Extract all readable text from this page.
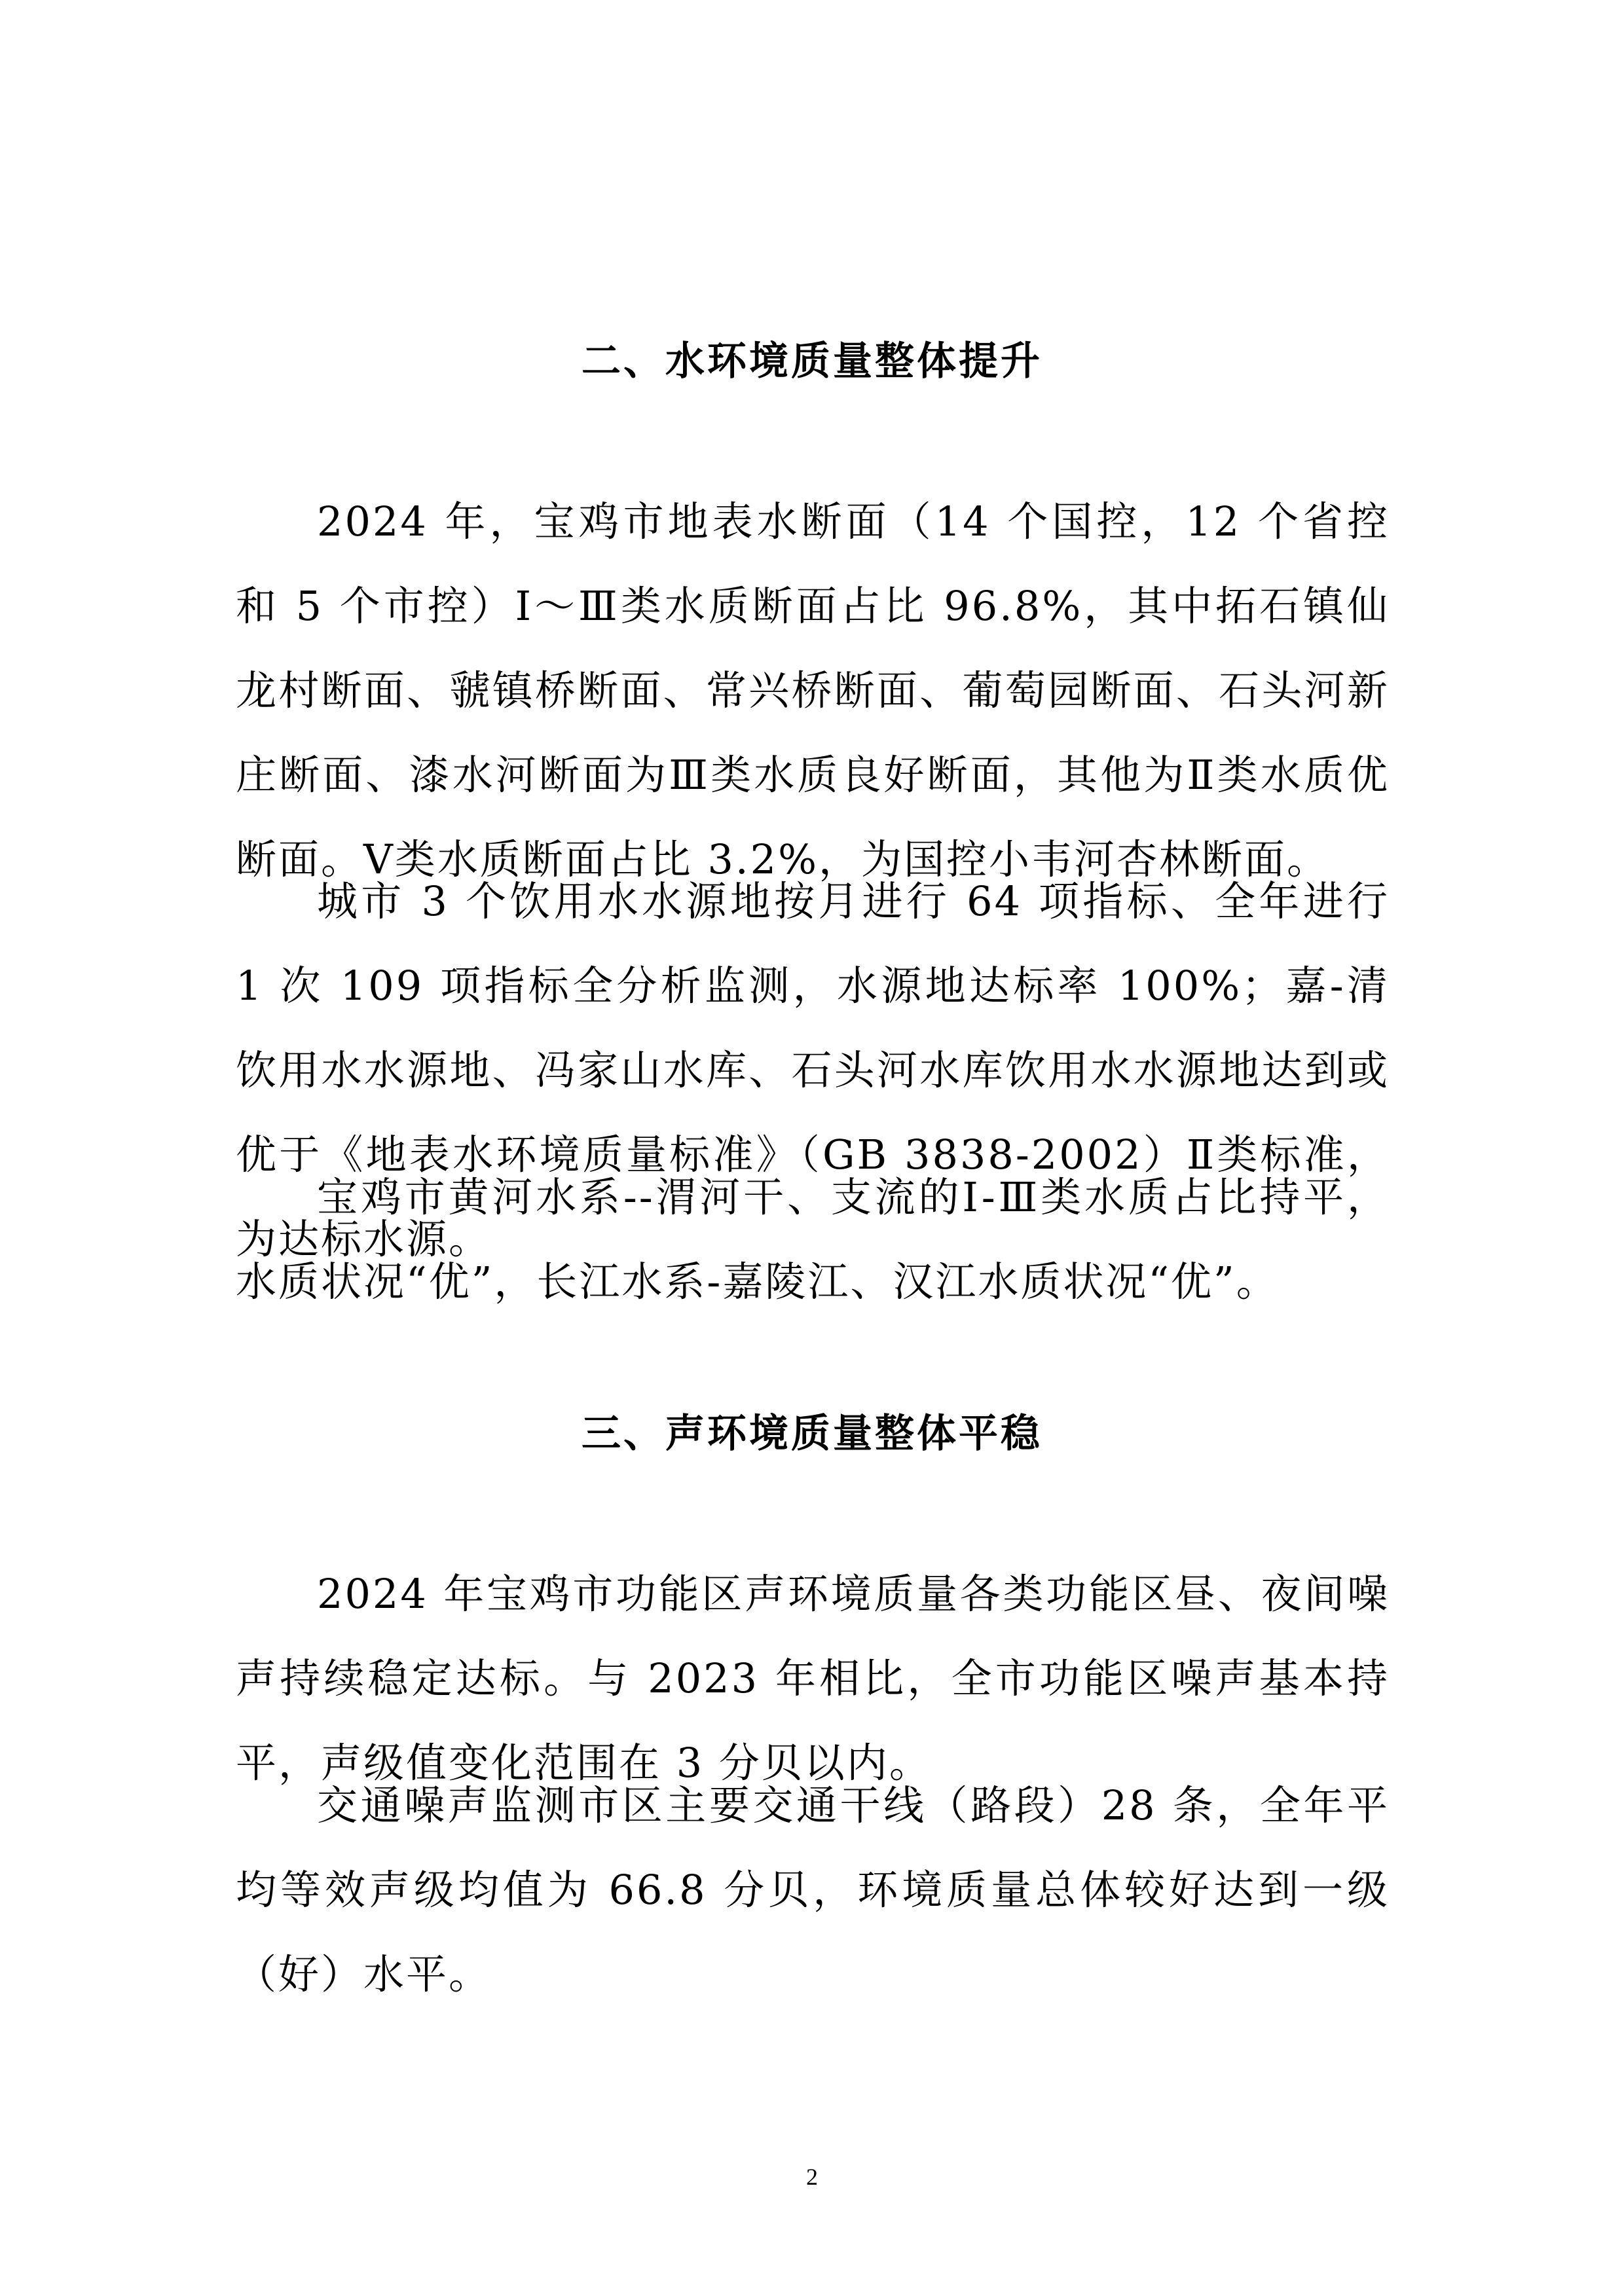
二、水环境质量整体提升

2024 年，宝鸡市地表水断面（14 个国控，12 个省控和 5 个市控）Ⅰ～Ⅲ类水质断面占比 96.8%，其中拓石镇仙龙村断面、虢镇桥断面、常兴桥断面、葡萄园断面、石头河新庄断面、漆水河断面为Ⅲ类水质良好断面，其他为Ⅱ类水质优断面。Ⅴ类水质断面占比 3.2%，为国控小韦河杏林断面。

城市 3 个饮用水水源地按月进行 64 项指标、全年进行 1 次 109 项指标全分析监测，水源地达标率 100%；嘉-清饮用水水源地、冯家山水库、石头河水库饮用水水源地达到或优于《地表水环境质量标准》（GB 3838-2002）Ⅱ类标准，为达标水源。

宝鸡市黄河水系--渭河干、支流的Ⅰ-Ⅲ类水质占比持平，水质状况“优”，长江水系-嘉陵江、汉江水质状况“优”。

三、声环境质量整体平稳

2024 年宝鸡市功能区声环境质量各类功能区昼、夜间噪声持续稳定达标。与 2023 年相比，全市功能区噪声基本持平，声级值变化范围在 3 分贝以内。

交通噪声监测市区主要交通干线（路段）28 条，全年平均等效声级均值为 66.8 分贝，环境质量总体较好达到一级（好）水平。

2
